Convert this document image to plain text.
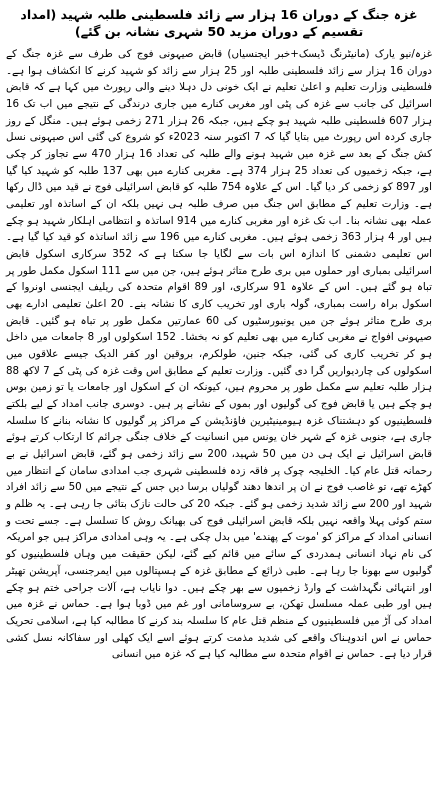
غزہ جنگ کے دوران 16 ہزار سے زائد فلسطینی طلبہ شہید (امداد تقسیم کے دوران مزید 50 شہری نشانہ بن گئے)

غزہ/نیو یارک (مانیٹرنگ ڈیسک+خبر ایجنسیاں) قابض صیہونی فوج کی طرف سے غزہ جنگ کے دوران 16 ہزار سے زائد فلسطینی طلبہ اور 25 ہزار سے زائد کو شہید کرنے کا انکشاف ہوا ہے۔ فلسطینی وزارت تعلیم و اعلیٰ تعلیم نے ایک خونی دل دہلا دینے والی رپورٹ میں کہا ہے کہ قابض اسرائیل کی جانب سے غزہ کی پٹی اور مغربی کنارے میں جاری درندگی کے نتیجے میں اب تک 16 ہزار 607 فلسطینی طلبہ شہید ہو چکے ہیں، جبکہ 26 ہزار 271 زخمی ہوئے ہیں۔ منگل کے روز جاری کردہ اس رپورٹ میں بتایا گیا کہ 7 اکتوبر سنہ 2023ء کو شروع کی گئی اس صیہونی نسل کش جنگ کے بعد سے غزہ میں شہید ہونے والے طلبہ کی تعداد 16 ہزار 470 سے تجاوز کر چکی ہے، جبکہ زخمیوں کی تعداد 25 ہزار 374 ہے۔ مغربی کنارے میں بھی 137 طلبہ کو شہید کیا گیا اور 897 کو زخمی کر دیا گیا۔ اس کے علاوہ 754 طلبہ کو قابض اسرائیلی فوج نے قید میں ڈال رکھا ہے۔ وزارت تعلیم کے مطابق اس جنگ میں صرف طلبہ ہی نہیں بلکہ ان کے اساتذہ اور تعلیمی عملہ بھی نشانہ بنا۔ اب تک غزہ اور مغربی کنارے میں 914 اساتذہ و انتظامی اہلکار شہید ہو چکے ہیں اور 4 ہزار 363 زخمی ہوئے ہیں۔ مغربی کنارے میں 196 سے زائد اساتذہ کو قید کیا گیا ہے۔ اس تعلیمی دشمنی کا اندازہ اس بات سے لگایا جا سکتا ہے کہ 352 سرکاری اسکول قابض اسرائیلی بمباری اور حملوں میں بری طرح متاثر ہوئے ہیں، جن میں سے 111 اسکول مکمل طور پر تباہ ہو گئے ہیں۔ اس کے علاوہ 91 سرکاری، اور 89 اقوام متحدہ کی ریلیف ایجنسی اونروا کے اسکول براہ راست بمباری، گولہ باری اور تخریب کاری کا نشانہ بنے۔ 20 اعلیٰ تعلیمی ادارے بھی بری طرح متاثر ہوئے جن میں یونیورسٹیوں کی 60 عمارتیں مکمل طور پر تباہ ہو گئیں۔ قابض صیہونی افواج نے مغربی کنارے میں بھی تعلیم کو نہ بخشا۔ 152 اسکولوں اور 8 جامعات میں داخل ہو کر تخریب کاری کی گئی، جبکہ جنین، طولکرم، بروقین اور کفر الدیک جیسے علاقوں میں اسکولوں کی چاردیواریں گرا دی گئیں۔ وزارت تعلیم کے مطابق اس وقت غزہ کی پٹی کے 7 لاکھ 88 ہزار طلبہ تعلیم سے مکمل طور پر محروم ہیں، کیونکہ ان کے اسکول اور جامعات یا تو زمین بوس ہو چکے ہیں یا قابض فوج کی گولیوں اور بموں کے نشانے پر ہیں۔ دوسری جانب امداد کے لیے بلکتے فلسطینیوں کو دہشتناک غزہ ہیومینیٹیرین فاؤنڈیشن کے مراکز پر گولیوں کا نشانہ بنانے کا سلسلہ جاری ہے، جنوبی غزہ کے شہر خان یونس میں انسانیت کے خلاف جنگی جرائم کا ارتکاب کرتے ہوئے قابض اسرائیل نے ایک ہی دن میں 50 شہید، 200 سے زائد زخمی ہو گئے، قابض اسرائیل نے بے رحمانہ قتل عام کیا۔ الخلیجہ چوک پر فاقہ زدہ فلسطینی شہری جب امدادی سامان کے انتظار میں کھڑے تھے، تو غاصب فوج نے ان پر اندھا دھند گولیاں برسا دیں جس کے نتیجے میں 50 سے زائد افراد شہید اور 200 سے زائد شدید زخمی ہو گئے۔ جبکہ 20 کی حالت نازک بتائی جا رہی ہے۔ یہ ظلم و ستم کوئی پہلا واقعہ نہیں بلکہ قابض اسرائیلی فوج کی بھیانک روش کا تسلسل ہے۔ جسے تحت و انسانی امداد کے مراکز کو 'موت کے پھندے' میں بدل چکی ہے۔ یہ وہی امدادی مراکز ہیں جو امریکہ کی نام نہاد انسانی ہمدردی کے سائے میں قائم کیے گئے، لیکن حقیقت میں وہاں فلسطینیوں کو گولیوں سے بھونا جا رہا ہے۔ طبی ذرائع کے مطابق غزہ کے ہسپتالوں میں ایمرجنسی، آپریشن تھیٹر اور انتہائی نگہداشت کے وارڈ زخمیوں سے بھر چکے ہیں۔ دوا نایاب ہے، آلات جراحی ختم ہو چکے ہیں اور طبی عملہ مسلسل تھکن، بے سروسامانی اور غم میں ڈوبا ہوا ہے۔ حماس نے غزہ میں امداد کی آڑ میں فلسطینیوں کے منظم قتل عام کا سلسلہ بند کرنے کا مطالبہ کیا ہے، اسلامی تحریک حماس نے اس اندوہناک واقعے کی شدید مذمت کرتے ہوئے اسے ایک کھلی اور سفاکانہ نسل کشی قرار دیا ہے۔ حماس نے اقوام متحدہ سے مطالبہ کیا ہے کہ غزہ میں انسانی
